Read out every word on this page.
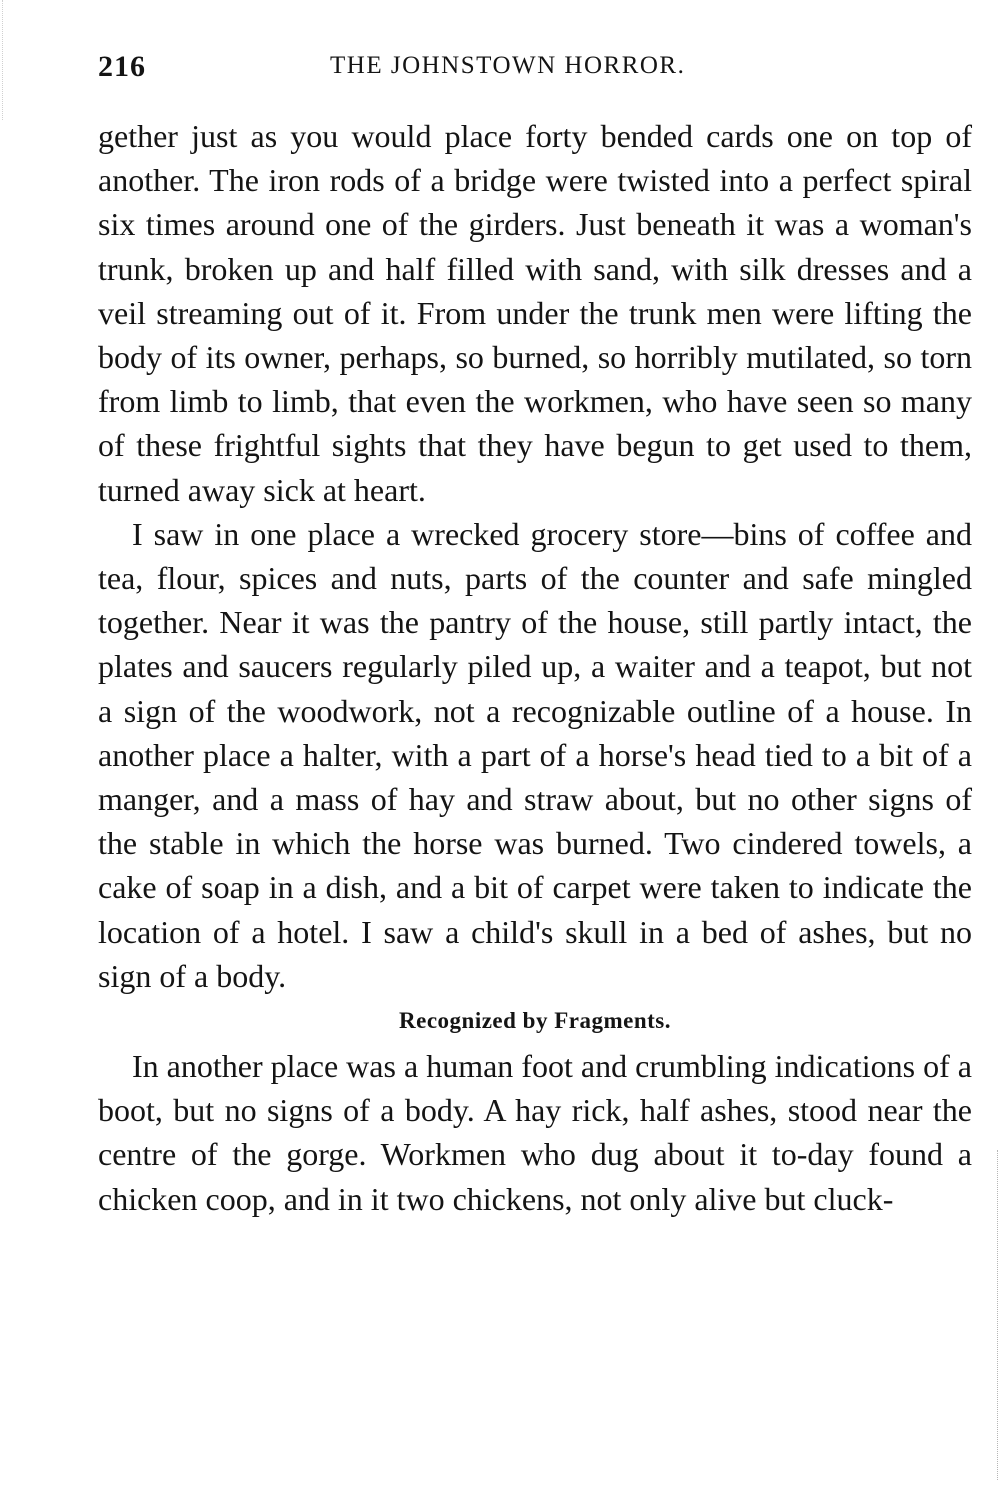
216	THE JOHNSTOWN HORROR.

gether just as you would place forty bended cards one on top of another. The iron rods of a bridge were twisted into a perfect spiral six times around one of the girders. Just beneath it was a woman's trunk, broken up and half filled with sand, with silk dresses and a veil streaming out of it. From under the trunk men were lifting the body of its owner, perhaps, so burned, so horribly mutilated, so torn from limb to limb, that even the workmen, who have seen so many of these frightful sights that they have begun to get used to them, turned away sick at heart.

I saw in one place a wrecked grocery store—bins of coffee and tea, flour, spices and nuts, parts of the counter and safe mingled together. Near it was the pantry of the house, still partly intact, the plates and saucers regularly piled up, a waiter and a teapot, but not a sign of the woodwork, not a recognizable outline of a house. In another place a halter, with a part of a horse's head tied to a bit of a manger, and a mass of hay and straw about, but no other signs of the stable in which the horse was burned. Two cindered towels, a cake of soap in a dish, and a bit of carpet were taken to indicate the location of a hotel. I saw a child's skull in a bed of ashes, but no sign of a body.

Recognized by Fragments.

In another place was a human foot and crumbling indications of a boot, but no signs of a body. A hay rick, half ashes, stood near the centre of the gorge. Workmen who dug about it to-day found a chicken coop, and in it two chickens, not only alive but cluck-
